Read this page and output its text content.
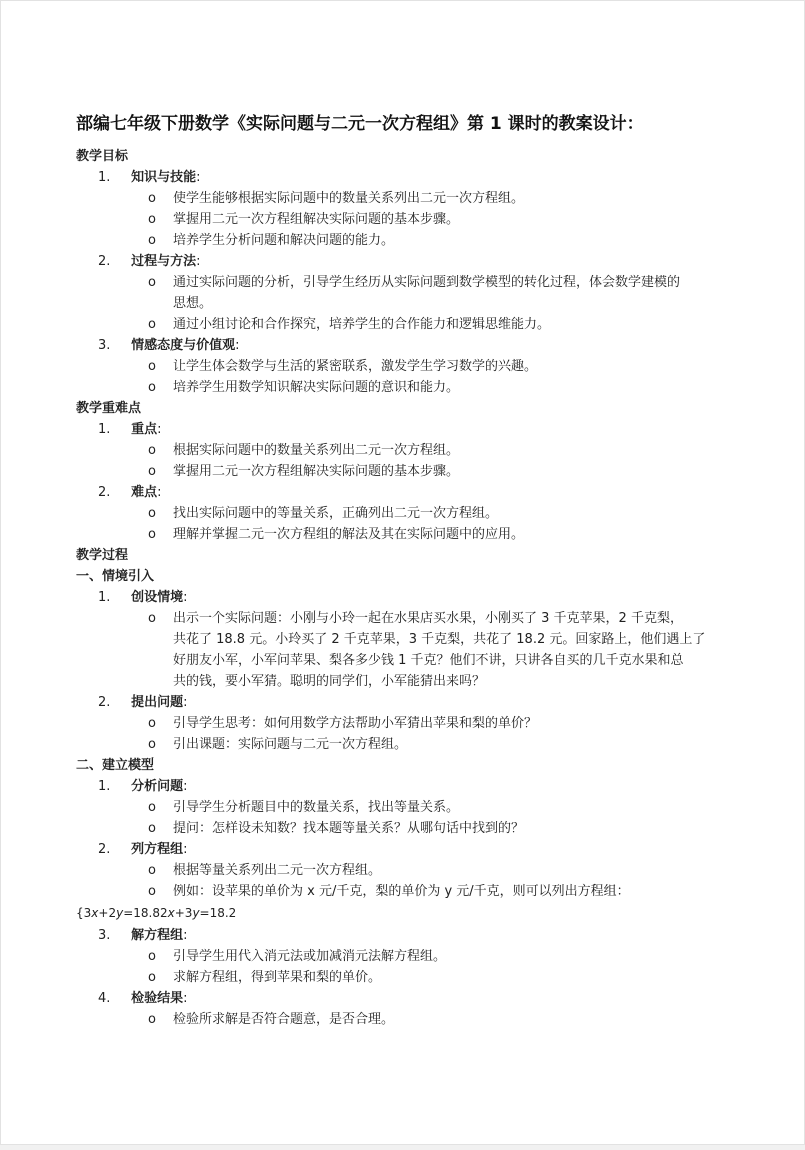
部编七年级下册数学《实际问题与二元一次方程组》第 1 课时的教案设计：
教学目标
1. 知识与技能:
o 使学生能够根据实际问题中的数量关系列出二元一次方程组。
o 掌握用二元一次方程组解决实际问题的基本步骤。
o 培养学生分析问题和解决问题的能力。
2. 过程与方法:
o 通过实际问题的分析，引导学生经历从实际问题到数学模型的转化过程，体会数学建模的
思想。
o 通过小组讨论和合作探究，培养学生的合作能力和逻辑思维能力。
3. 情感态度与价值观:
o 让学生体会数学与生活的紧密联系，激发学生学习数学的兴趣。
o 培养学生用数学知识解决实际问题的意识和能力。
教学重难点
1. 重点:
o 根据实际问题中的数量关系列出二元一次方程组。
o 掌握用二元一次方程组解决实际问题的基本步骤。
2. 难点:
o 找出实际问题中的等量关系，正确列出二元一次方程组。
o 理解并掌握二元一次方程组的解法及其在实际问题中的应用。
教学过程
一、情境引入
1. 创设情境:
o 出示一个实际问题：小刚与小玲一起在水果店买水果，小刚买了 3 千克苹果，2 千克梨，
共花了 18.8 元。小玲买了 2 千克苹果，3 千克梨，共花了 18.2 元。回家路上，他们遇上了
好朋友小军，小军问苹果、梨各多少钱 1 千克？他们不讲，只讲各自买的几千克水果和总
共的钱，要小军猜。聪明的同学们，小军能猜出来吗？
2. 提出问题:
o 引导学生思考：如何用数学方法帮助小军猜出苹果和梨的单价？
o 引出课题：实际问题与二元一次方程组。
二、建立模型
1. 分析问题:
o 引导学生分析题目中的数量关系，找出等量关系。
o 提问：怎样设未知数？找本题等量关系？从哪句话中找到的？
2. 列方程组:
o 根据等量关系列出二元一次方程组。
o 例如：设苹果的单价为 x 元/千克，梨的单价为 y 元/千克，则可以列出方程组：
{3x+2y=18.82x+3y=18.2
3. 解方程组:
o 引导学生用代入消元法或加减消元法解方程组。
o 求解方程组，得到苹果和梨的单价。
4. 检验结果:
o 检验所求解是否符合题意，是否合理。
